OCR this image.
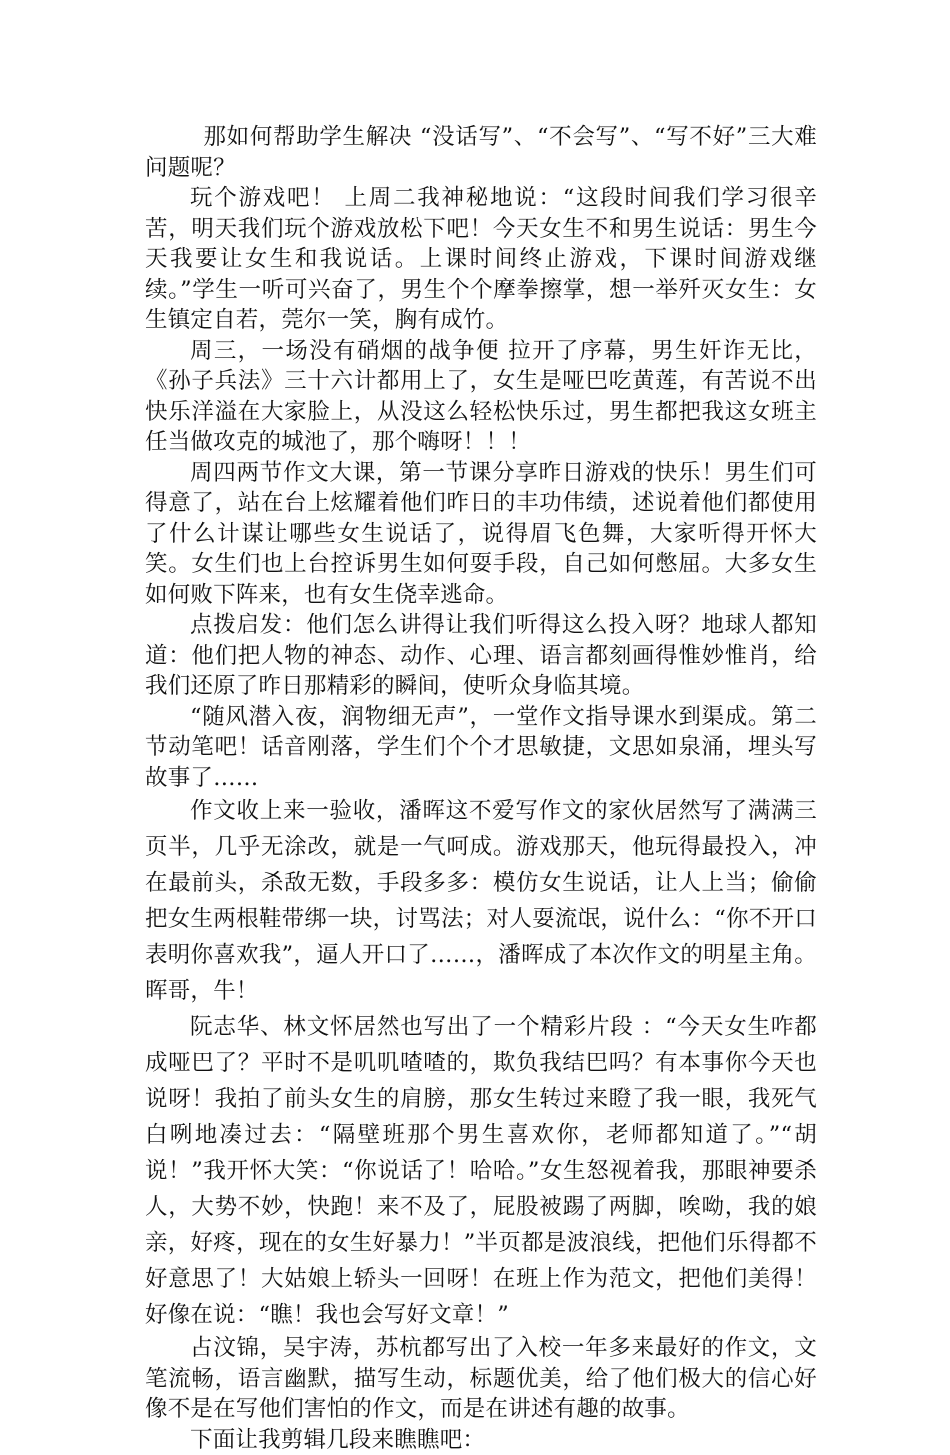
那如何帮助学生解决 “没话写”、“不会写”、“写不好”三大难问题呢？

玩个游戏吧！ 上周二我神秘地说：“这段时间我们学习很辛苦，明天我们玩个游戏放松下吧！今天女生不和男生说话：男生今天我要让女生和我说话。上课时间终止游戏，下课时间游戏继续。”学生一听可兴奋了，男生个个摩拳擦掌，想一举歼灭女生：女生镇定自若，莞尔一笑，胸有成竹。

周三，一场没有硝烟的战争便 拉开了序幕，男生奸诈无比，《孙子兵法》三十六计都用上了，女生是哑巴吃黄莲，有苦说不出快乐洋溢在大家脸上，从没这么轻松快乐过，男生都把我这女班主任当做攻克的城池了，那个嗨呀！！！

周四两节作文大课，第一节课分享昨日游戏的快乐！男生们可得意了，站在台上炫耀着他们昨日的丰功伟绩，述说着他们都使用了什么计谋让哪些女生说话了，说得眉飞色舞，大家听得开怀大笑。女生们也上台控诉男生如何耍手段，自己如何憋屈。大多女生如何败下阵来，也有女生侥幸逃命。

点拨启发：他们怎么讲得让我们听得这么投入呀？地球人都知道：他们把人物的神态、动作、心理、语言都刻画得惟妙惟肖，给我们还原了昨日那精彩的瞬间，使听众身临其境。

“随风潜入夜，润物细无声”，一堂作文指导课水到渠成。第二节动笔吧！话音刚落，学生们个个才思敏捷，文思如泉涌，埋头写故事了……

作文收上来一验收，潘晖这不爱写作文的家伙居然写了满满三页半，几乎无涂改，就是一气呵成。游戏那天，他玩得最投入，冲在最前头，杀敌无数，手段多多：模仿女生说话，让人上当；偷偷把女生两根鞋带绑一块，讨骂法；对人耍流氓，说什么：“你不开口表明你喜欢我”，逼人开口了……，潘晖成了本次作文的明星主角。晖哥，牛！

阮志华、林文怀居然也写出了一个精彩片段 ：“今天女生咋都成哑巴了？平时不是叽叽喳喳的，欺负我结巴吗？有本事你今天也说呀！我拍了前头女生的肩膀，那女生转过来瞪了我一眼，我死气白咧地凑过去：“隔壁班那个男生喜欢你，老师都知道了。”“胡说！”我开怀大笑：“你说话了！哈哈。”女生怒视着我，那眼神要杀人，大势不妙，快跑！来不及了，屁股被踢了两脚，唉呦，我的娘亲，好疼，现在的女生好暴力！”半页都是波浪线，把他们乐得都不好意思了！大姑娘上轿头一回呀！在班上作为范文，把他们美得！好像在说：“瞧！我也会写好文章！”

占汶锦，吴宇涛，苏杭都写出了入校一年多来最好的作文，文笔流畅，语言幽默，描写生动，标题优美，给了他们极大的信心好像不是在写他们害怕的作文，而是在讲述有趣的故事。

下面让我剪辑几段来瞧瞧吧：
